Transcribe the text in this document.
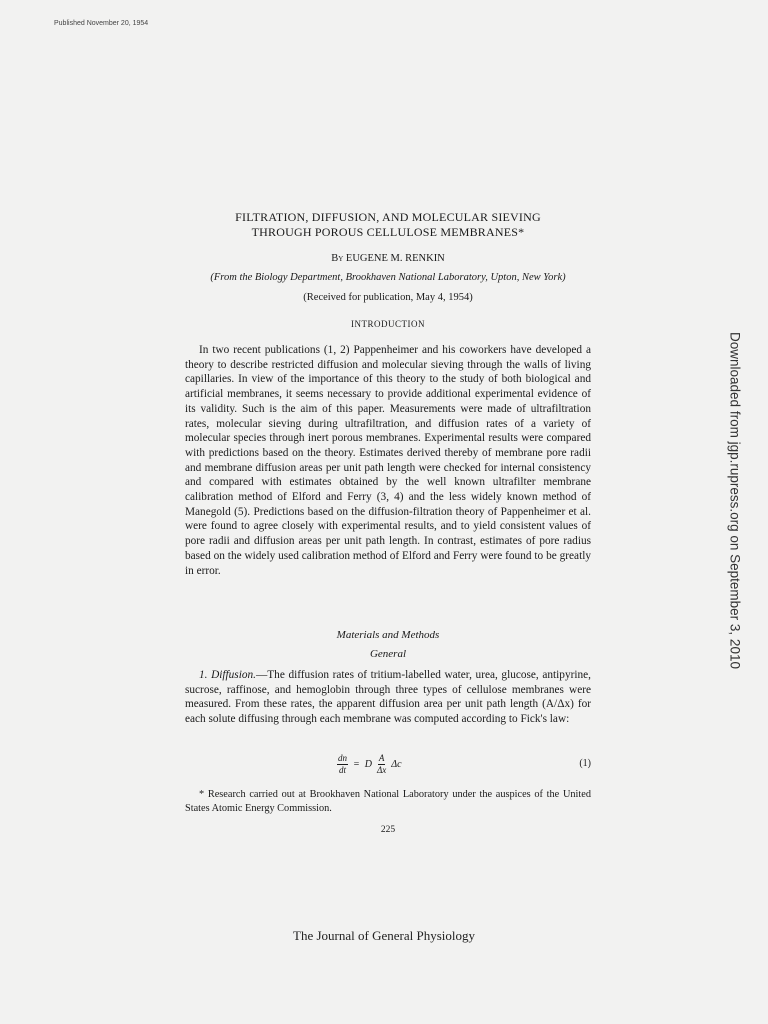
Published November 20, 1954
Downloaded from jgp.rupress.org on September 3, 2010
FILTRATION, DIFFUSION, AND MOLECULAR SIEVING
THROUGH POROUS CELLULOSE MEMBRANES*
By EUGENE M. RENKIN
(From the Biology Department, Brookhaven National Laboratory, Upton, New York)
(Received for publication, May 4, 1954)
INTRODUCTION

In two recent publications (1, 2) Pappenheimer and his coworkers have developed a theory to describe restricted diffusion and molecular sieving through the walls of living capillaries. In view of the importance of this theory to the study of both biological and artificial membranes, it seems necessary to provide additional experimental evidence of its validity. Such is the aim of this paper. Measurements were made of ultrafiltration rates, molecular sieving during ultrafiltration, and diffusion rates of a variety of molecular species through inert porous membranes. Experimental results were compared with predictions based on the theory. Estimates derived thereby of membrane pore radii and membrane diffusion areas per unit path length were checked for internal consistency and compared with estimates obtained by the well known ultrafilter membrane calibration method of Elford and Ferry (3, 4) and the less widely known method of Manegold (5). Predictions based on the diffusion-filtration theory of Pappenheimer et al. were found to agree closely with experimental results, and to yield consistent values of pore radii and diffusion areas per unit path length. In contrast, estimates of pore radius based on the widely used calibration method of Elford and Ferry were found to be greatly in error.

Materials and Methods
General

1. Diffusion.—The diffusion rates of tritium-labelled water, urea, glucose, antipyrine, sucrose, raffinose, and hemoglobin through three types of cellulose membranes were measured. From these rates, the apparent diffusion area per unit path length (A/Δx) for each solute diffusing through each membrane was computed according to Fick's law:

$\frac{dn}{dt} = D \frac{A}{\Delta x}$ Δc	(1)

* Research carried out at Brookhaven National Laboratory under the auspices of the United States Atomic Energy Commission.

225
The Journal of General Physiology
